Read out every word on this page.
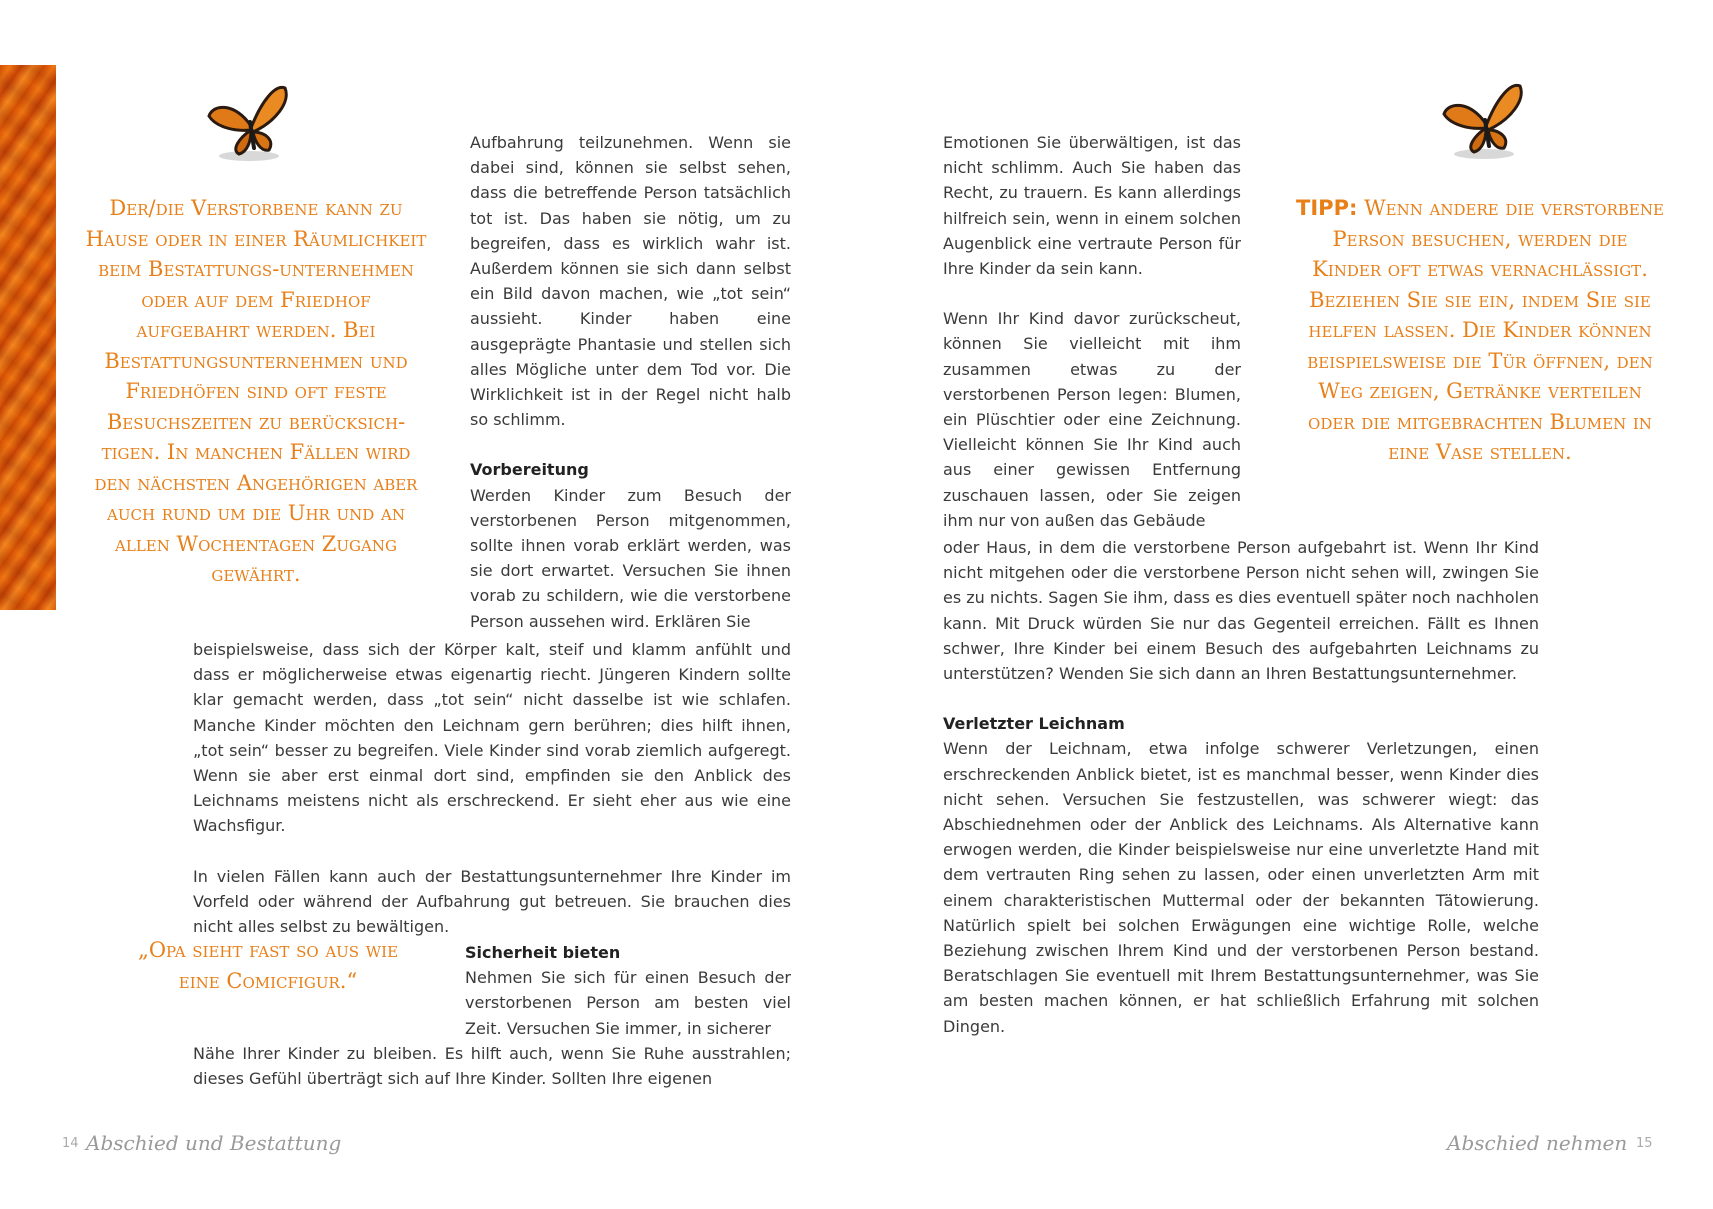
Der/die Verstorbene kann zu Hause oder in einer Räumlichkeit beim Bestattungs-unternehmen oder auf dem Friedhof aufgebahrt werden. Bei Bestattungsunternehmen und Friedhöfen sind oft feste Besuchszeiten zu berücksich-tigen. In manchen Fällen wird den nächsten Angehörigen aber auch rund um die Uhr und an allen Wochentagen Zugang gewährt.

Aufbahrung teilzunehmen. Wenn sie dabei sind, können sie selbst sehen, dass die betreffende Person tatsächlich tot ist. Das haben sie nötig, um zu begreifen, dass es wirklich wahr ist. Außerdem können sie sich dann selbst ein Bild davon machen, wie „tot sein“ aussieht. Kinder haben eine ausgeprägte Phantasie und stellen sich alles Mögliche unter dem Tod vor. Die Wirklichkeit ist in der Regel nicht halb so schlimm.

Vorbereitung

Werden Kinder zum Besuch der verstorbenen Person mitgenommen, sollte ihnen vorab erklärt werden, was sie dort erwartet. Versuchen Sie ihnen vorab zu schildern, wie die verstorbene Person aussehen wird. Erklären Sie

beispielsweise, dass sich der Körper kalt, steif und klamm anfühlt und dass er möglicherweise etwas eigenartig riecht. Jüngeren Kindern sollte klar gemacht werden, dass „tot sein“ nicht dasselbe ist wie schlafen. Manche Kinder möchten den Leichnam gern berühren; dies hilft ihnen, „tot sein“ besser zu begreifen. Viele Kinder sind vorab ziemlich aufgeregt. Wenn sie aber erst einmal dort sind, empfinden sie den Anblick des Leichnams meistens nicht als erschreckend. Er sieht eher aus wie eine Wachsfigur.

In vielen Fällen kann auch der Bestattungsunternehmer Ihre Kinder im Vorfeld oder während der Aufbahrung gut betreuen. Sie brauchen dies nicht alles selbst zu bewältigen.

„Opa sieht fast so aus wie eine Comicfigur.“
Sicherheit bieten

Nehmen Sie sich für einen Besuch der verstorbenen Person am besten viel Zeit. Versuchen Sie immer, in sicherer

Nähe Ihrer Kinder zu bleiben. Es hilft auch, wenn Sie Ruhe ausstrahlen; dieses Gefühl überträgt sich auf Ihre Kinder. Sollten Ihre eigenen

14 Abschied und Bestattung

Emotionen Sie überwältigen, ist das nicht schlimm. Auch Sie haben das Recht, zu trauern. Es kann allerdings hilfreich sein, wenn in einem solchen Augenblick eine vertraute Person für Ihre Kinder da sein kann.

Wenn Ihr Kind davor zurückscheut, können Sie vielleicht mit ihm zusammen etwas zu der verstorbenen Person legen: Blumen, ein Plüschtier oder eine Zeichnung. Vielleicht können Sie Ihr Kind auch aus einer gewissen Entfernung zuschauen lassen, oder Sie zeigen ihm nur von außen das Gebäude

TIPP: Wenn andere die verstorbene Person besuchen, werden die Kinder oft etwas vernachlässigt. Beziehen Sie sie ein, indem Sie sie helfen lassen. Die Kinder können beispielsweise die Tür öffnen, den Weg zeigen, Getränke verteilen oder die mitgebrachten Blumen in eine Vase stellen.

oder Haus, in dem die verstorbene Person aufgebahrt ist. Wenn Ihr Kind nicht mitgehen oder die verstorbene Person nicht sehen will, zwingen Sie es zu nichts. Sagen Sie ihm, dass es dies eventuell später noch nachholen kann. Mit Druck würden Sie nur das Gegenteil erreichen. Fällt es Ihnen schwer, Ihre Kinder bei einem Besuch des aufgebahrten Leichnams zu unterstützen? Wenden Sie sich dann an Ihren Bestattungsunternehmer.

Verletzter Leichnam

Wenn der Leichnam, etwa infolge schwerer Verletzungen, einen erschreckenden Anblick bietet, ist es manchmal besser, wenn Kinder dies nicht sehen. Versuchen Sie festzustellen, was schwerer wiegt: das Abschiednehmen oder der Anblick des Leichnams. Als Alternative kann erwogen werden, die Kinder beispielsweise nur eine unverletzte Hand mit dem vertrauten Ring sehen zu lassen, oder einen unverletzten Arm mit einem charakteristischen Muttermal oder der bekannten Tätowierung. Natürlich spielt bei solchen Erwägungen eine wichtige Rolle, welche Beziehung zwischen Ihrem Kind und der verstorbenen Person bestand. Beratschlagen Sie eventuell mit Ihrem Bestattungsunternehmer, was Sie am besten machen können, er hat schließlich Erfahrung mit solchen Dingen.

Abschied nehmen 15
